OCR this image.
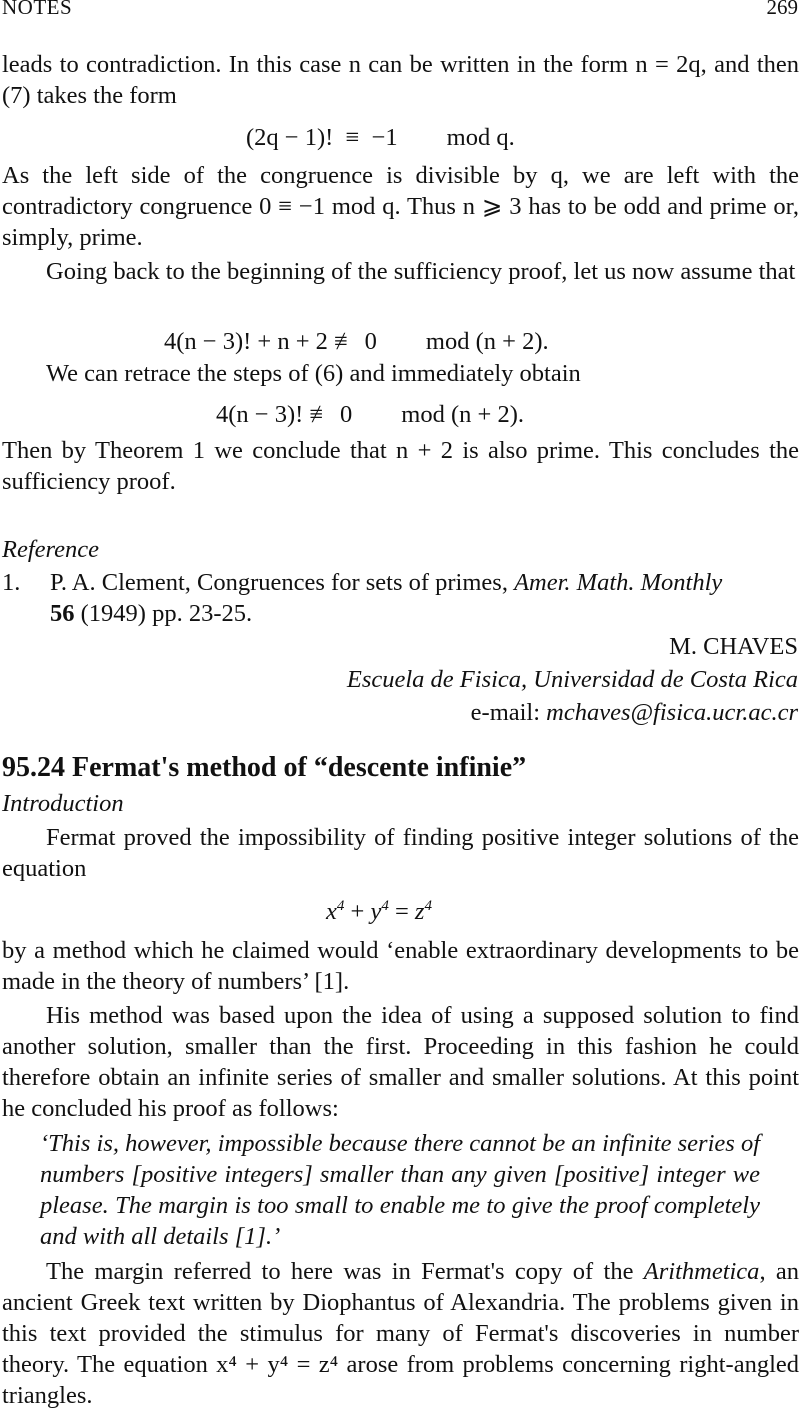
NOTES	269
leads to contradiction. In this case n can be written in the form n = 2q, and then (7) takes the form
(2q − 1)!  ≡  −1        mod q.
As the left side of the congruence is divisible by q, we are left with the contradictory congruence 0 ≡ −1 mod q. Thus n ⩾ 3 has to be odd and prime or, simply, prime.
Going back to the beginning of the sufficiency proof, let us now assume that
4(n − 3)! + n + 2 ≢ 0        mod (n + 2).
We can retrace the steps of (6) and immediately obtain
4(n − 3)! ≢ 0        mod (n + 2).
Then by Theorem 1 we conclude that n + 2 is also prime. This concludes the sufficiency proof.
Reference
1. P. A. Clement, Congruences for sets of primes, Amer. Math. Monthly
56 (1949) pp. 23-25.
M. CHAVES
Escuela de Fisica, Universidad de Costa Rica
e-mail: mchaves@fisica.ucr.ac.cr
95.24 Fermat's method of “descente infinie”
Introduction
Fermat proved the impossibility of finding positive integer solutions of the equation
$x^4 + y^4 = z^4$
by a method which he claimed would ‘enable extraordinary developments to be made in the theory of numbers’ [1].
His method was based upon the idea of using a supposed solution to find another solution, smaller than the first. Proceeding in this fashion he could therefore obtain an infinite series of smaller and smaller solutions. At this point he concluded his proof as follows:
‘This is, however, impossible because there cannot be an infinite series of numbers [positive integers] smaller than any given [positive] integer we please. The margin is too small to enable me to give the proof completely and with all details [1].’
The margin referred to here was in Fermat's copy of the Arithmetica, an ancient Greek text written by Diophantus of Alexandria. The problems given in this text provided the stimulus for many of Fermat's discoveries in number theory. The equation x⁴ + y⁴ = z⁴ arose from problems concerning right-angled triangles.
